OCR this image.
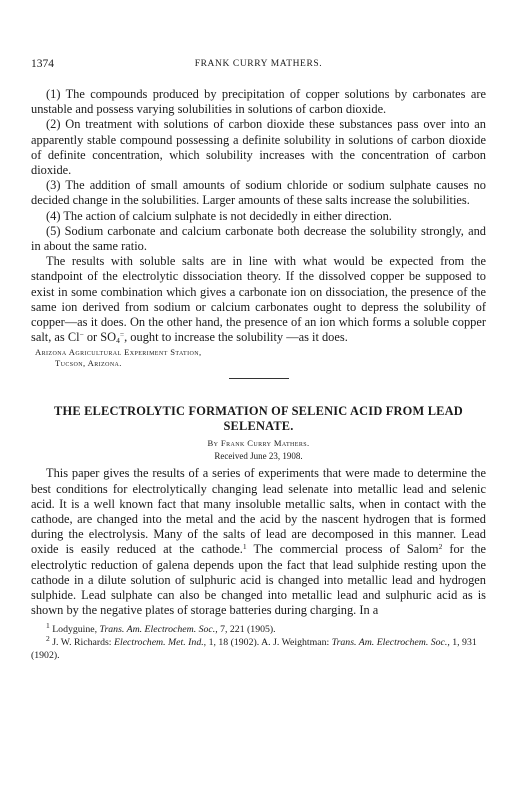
1374	FRANK CURRY MATHERS.

(1) The compounds produced by precipitation of copper solutions by carbonates are unstable and possess varying solubilities in solutions of carbon dioxide.

(2) On treatment with solutions of carbon dioxide these substances pass over into an apparently stable compound possessing a definite solubility in solutions of carbon dioxide of definite concentration, which solubility increases with the concentration of carbon dioxide.

(3) The addition of small amounts of sodium chloride or sodium sulphate causes no decided change in the solubilities. Larger amounts of these salts increase the solubilities.

(4) The action of calcium sulphate is not decidedly in either direction.

(5) Sodium carbonate and calcium carbonate both decrease the solubility strongly, and in about the same ratio.

The results with soluble salts are in line with what would be expected from the standpoint of the electrolytic dissociation theory. If the dissolved copper be supposed to exist in some combination which gives a carbonate ion on dissociation, the presence of the same ion derived from sodium or calcium carbonates ought to depress the solubility of copper—as it does. On the other hand, the presence of an ion which forms a soluble copper salt, as Cl− or $SO_4^=$, ought to increase the solubility —as it does.

Arizona Agricultural Experiment Station,
Tucson, Arizona.
THE ELECTROLYTIC FORMATION OF SELENIC ACID FROM LEAD
SELENATE.
By Frank Curry Mathers.
Received June 23, 1908.

This paper gives the results of a series of experiments that were made to determine the best conditions for electrolytically changing lead selenate into metallic lead and selenic acid. It is a well known fact that many insoluble metallic salts, when in contact with the cathode, are changed into the metal and the acid by the nascent hydrogen that is formed during the electrolysis. Many of the salts of lead are decomposed in this manner. Lead oxide is easily reduced at the cathode.$^1$ The commercial process of Salom$^2$ for the electrolytic reduction of galena depends upon the fact that lead sulphide resting upon the cathode in a dilute solution of sulphuric acid is changed into metallic lead and hydrogen sulphide. Lead sulphate can also be changed into metallic lead and sulphuric acid as is shown by the negative plates of storage batteries during charging. In a

$^1$ Lodyguine, Trans. Am. Electrochem. Soc., 7, 221 (1905).
$^2$ J. W. Richards: Electrochem. Met. Ind., 1, 18 (1902). A. J. Weightman: Trans. Am. Electrochem. Soc., 1, 931 (1902).
